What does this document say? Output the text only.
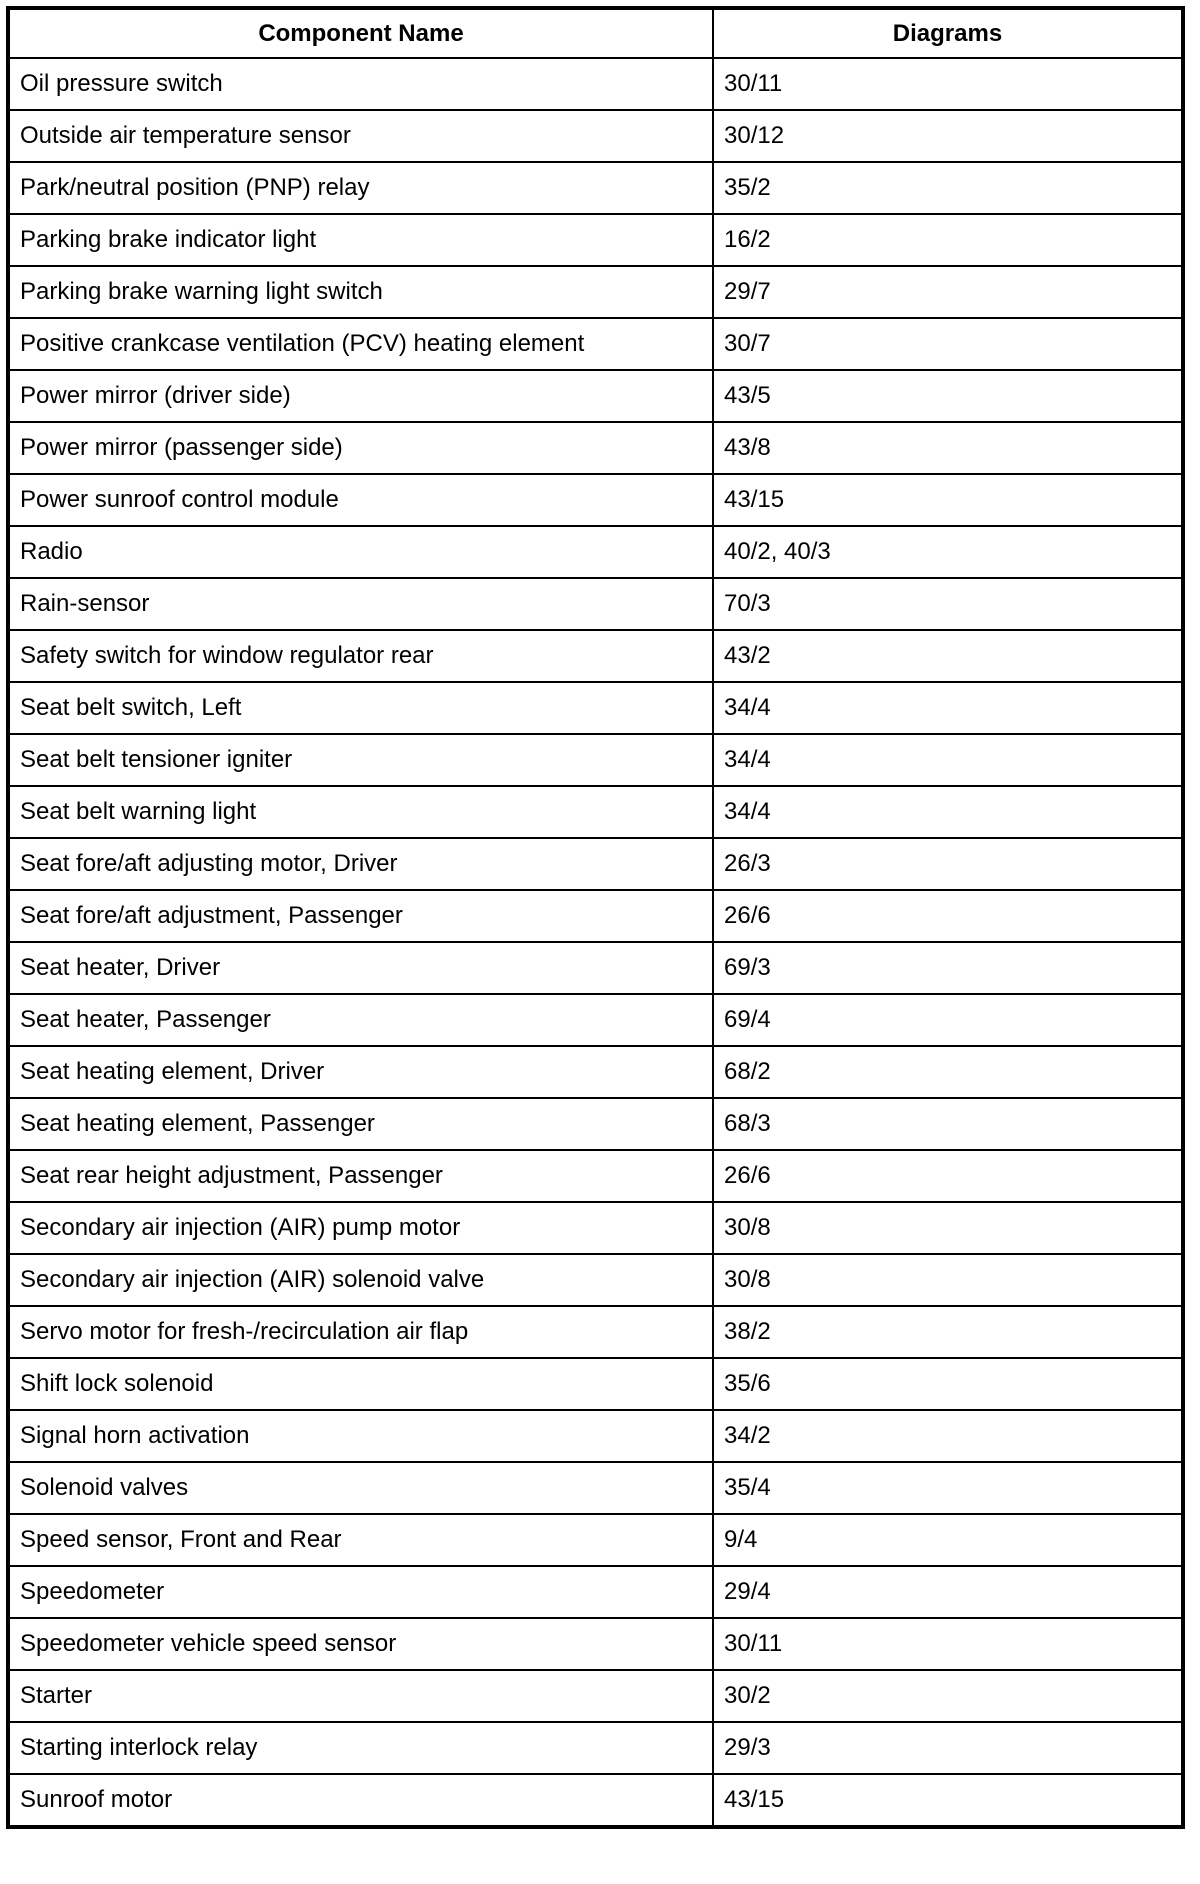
Component Name	Diagrams
Oil pressure switch	30/11
Outside air temperature sensor	30/12
Park/neutral position (PNP) relay	35/2
Parking brake indicator light	16/2
Parking brake warning light switch	29/7
Positive crankcase ventilation (PCV) heating element	30/7
Power mirror (driver side)	43/5
Power mirror (passenger side)	43/8
Power sunroof control module	43/15
Radio	40/2, 40/3
Rain-sensor	70/3
Safety switch for window regulator rear	43/2
Seat belt switch, Left	34/4
Seat belt tensioner igniter	34/4
Seat belt warning light	34/4
Seat fore/aft adjusting motor, Driver	26/3
Seat fore/aft adjustment, Passenger	26/6
Seat heater, Driver	69/3
Seat heater, Passenger	69/4
Seat heating element, Driver	68/2
Seat heating element, Passenger	68/3
Seat rear height adjustment, Passenger	26/6
Secondary air injection (AIR) pump motor	30/8
Secondary air injection (AIR) solenoid valve	30/8
Servo motor for fresh-/recirculation air flap	38/2
Shift lock solenoid	35/6
Signal horn activation	34/2
Solenoid valves	35/4
Speed sensor, Front and Rear	9/4
Speedometer	29/4
Speedometer vehicle speed sensor	30/11
Starter	30/2
Starting interlock relay	29/3
Sunroof motor	43/15
